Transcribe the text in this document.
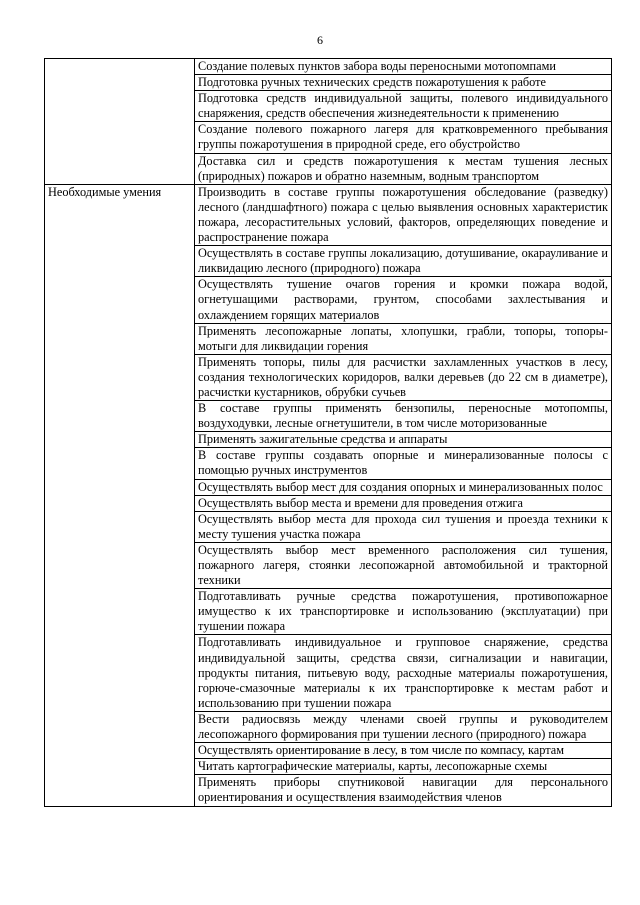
6
	Создание полевых пунктов забора воды переносными мотопомпами
	Подготовка ручных технических средств пожаротушения к работе
	Подготовка средств индивидуальной защиты, полевого индивидуального снаряжения, средств обеспечения жизнедеятельности к применению
	Создание полевого пожарного лагеря для кратковременного пребывания группы пожаротушения в природной среде, его обустройство
	Доставка сил и средств пожаротушения к местам тушения лесных (природных) пожаров и обратно наземным, водным транспортом
Необходимые умения	Производить в составе группы пожаротушения обследование (разведку) лесного (ландшафтного) пожара с целью выявления основных характеристик пожара, лесорастительных условий, факторов, определяющих поведение и распространение пожара
	Осуществлять в составе группы локализацию, дотушивание, окарауливание и ликвидацию лесного (природного) пожара
	Осуществлять тушение очагов горения и кромки пожара водой, огнетушащими растворами, грунтом, способами захлестывания и охлаждением горящих материалов
	Применять лесопожарные лопаты, хлопушки, грабли, топоры, топоры-мотыги для ликвидации горения
	Применять топоры, пилы для расчистки захламленных участков в лесу, создания технологических коридоров, валки деревьев (до 22 см в диаметре), расчистки кустарников, обрубки сучьев
	В составе группы применять бензопилы, переносные мотопомпы, воздуходувки, лесные огнетушители, в том числе моторизованные
	Применять зажигательные средства и аппараты
	В составе группы создавать опорные и минерализованные полосы с помощью ручных инструментов
	Осуществлять выбор мест для создания опорных и минерализованных полос
	Осуществлять выбор места и времени для проведения отжига
	Осуществлять выбор места для прохода сил тушения и проезда техники к месту тушения участка пожара
	Осуществлять выбор мест временного расположения сил тушения, пожарного лагеря, стоянки лесопожарной автомобильной и тракторной техники
	Подготавливать ручные средства пожаротушения, противопожарное имущество к их транспортировке и использованию (эксплуатации) при тушении пожара
	Подготавливать индивидуальное и групповое снаряжение, средства индивидуальной защиты, средства связи, сигнализации и навигации, продукты питания, питьевую воду, расходные материалы пожаротушения, горюче-смазочные материалы к их транспортировке к местам работ и использованию при тушении пожара
	Вести радиосвязь между членами своей группы и руководителем лесопожарного формирования при тушении лесного (природного) пожара
	Осуществлять ориентирование в лесу, в том числе по компасу, картам
	Читать картографические материалы, карты, лесопожарные схемы
	Применять приборы спутниковой навигации для персонального ориентирования и осуществления взаимодействия членов
